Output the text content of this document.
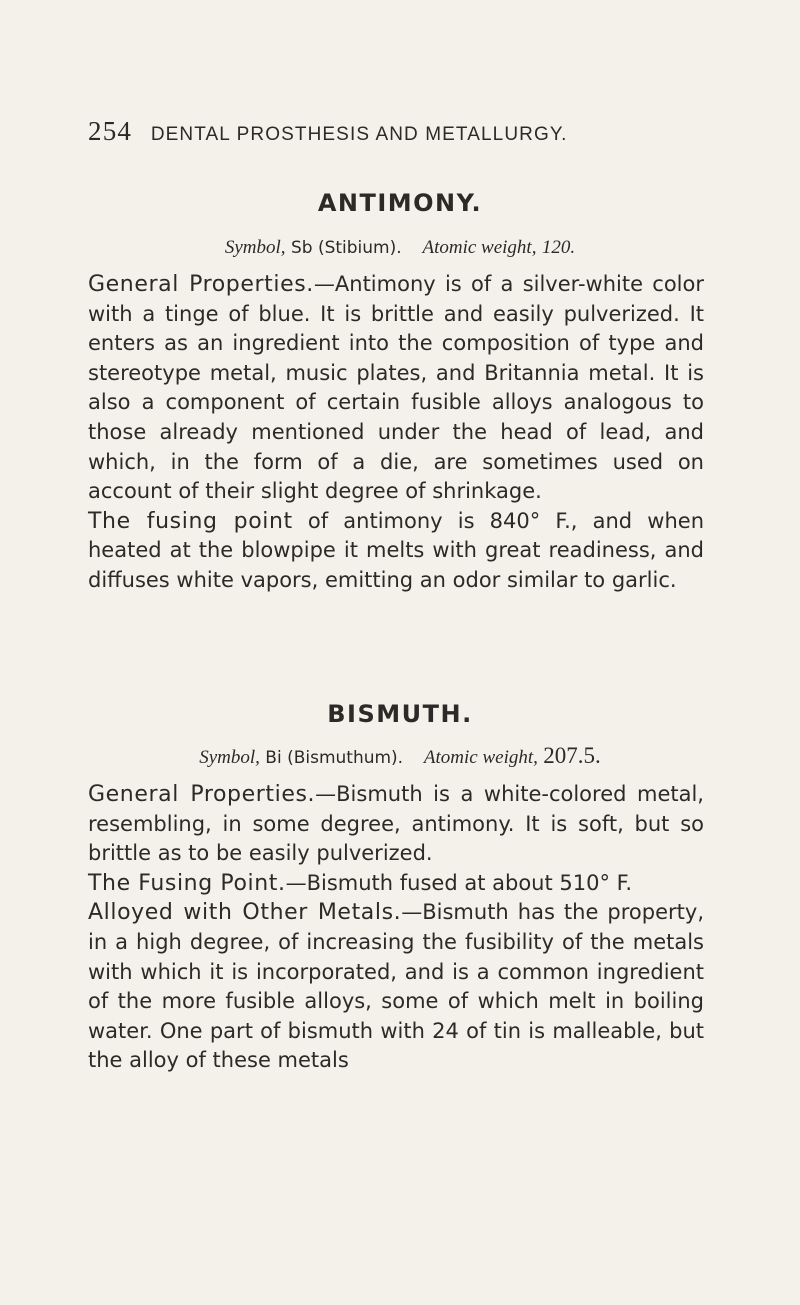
254 DENTAL PROSTHESIS AND METALLURGY.
ANTIMONY.
Symbol, Sb (Stibium). Atomic weight, 120.

General Properties.—Antimony is of a silver-white color with a tinge of blue. It is brittle and easily pulverized. It enters as an ingredient into the composition of type and stereotype metal, music plates, and Britannia metal. It is also a component of certain fusible alloys analogous to those already mentioned under the head of lead, and which, in the form of a die, are sometimes used on account of their slight degree of shrinkage.

The fusing point of antimony is 840° F., and when heated at the blowpipe it melts with great readiness, and diffuses white vapors, emitting an odor similar to garlic.

BISMUTH.
Symbol, Bi (Bismuthum). Atomic weight, 207.5.

General Properties.—Bismuth is a white-colored metal, resembling, in some degree, antimony. It is soft, but so brittle as to be easily pulverized.

The Fusing Point.—Bismuth fused at about 510° F.

Alloyed with Other Metals.—Bismuth has the property, in a high degree, of increasing the fusibility of the metals with which it is incorporated, and is a common ingredient of the more fusible alloys, some of which melt in boiling water. One part of bismuth with 24 of tin is malleable, but the alloy of these metals
